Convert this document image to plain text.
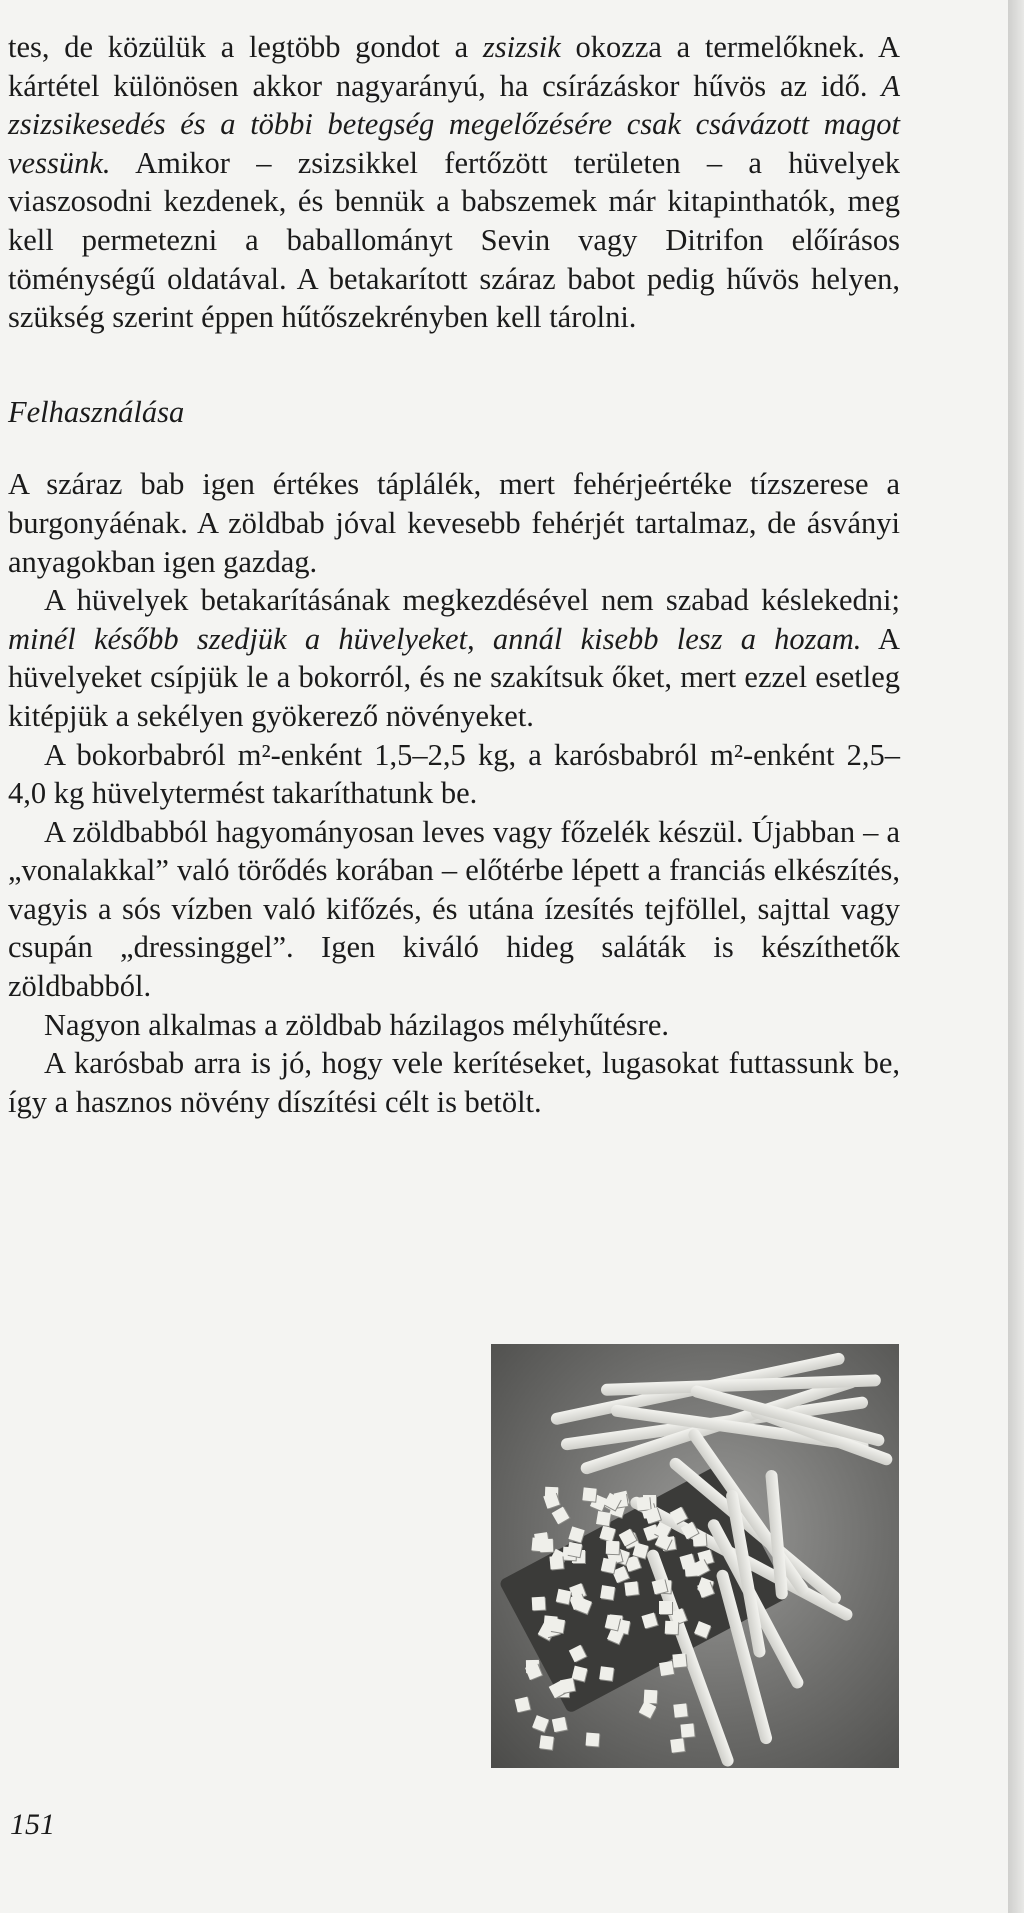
tes, de közülük a legtöbb gondot a zsizsik okozza a termelőknek. A kártétel különösen akkor nagyarányú, ha csírázáskor hűvös az idő. A zsizsikesedés és a többi betegség megelőzésére csak csávázott magot vessünk. Amikor – zsizsikkel fertőzött területen – a hüvelyek viaszosodni kezdenek, és bennük a babszemek már kitapinthatók, meg kell permetezni a baballományt Sevin vagy Ditrifon előírásos töménységű oldatával. A betakarított száraz babot pedig hűvös helyen, szükség szerint éppen hűtőszekrényben kell tárolni.

Felhasználása

A száraz bab igen értékes táplálék, mert fehérjeértéke tízszerese a burgonyáénak. A zöldbab jóval kevesebb fehérjét tartalmaz, de ásványi anyagokban igen gazdag.

A hüvelyek betakarításának megkezdésével nem szabad késlekedni; minél később szedjük a hüvelyeket, annál kisebb lesz a hozam. A hüvelyeket csípjük le a bokorról, és ne szakítsuk őket, mert ezzel esetleg kitépjük a sekélyen gyökerező növényeket.

A bokorbabról m²-enként 1,5–2,5 kg, a karósbabról m²-enként 2,5–4,0 kg hüvelytermést takaríthatunk be.

A zöldbabból hagyományosan leves vagy főzelék készül. Újabban – a „vonalakkal” való törődés korában – előtérbe lépett a franciás elkészítés, vagyis a sós vízben való kifőzés, és utána ízesítés tejföllel, sajttal vagy csupán „dressinggel”. Igen kiváló hideg saláták is készíthetők zöldbabból.

Nagyon alkalmas a zöldbab házilagos mélyhűtésre.

A karósbab arra is jó, hogy vele kerítéseket, lugasokat futtassunk be, így a hasznos növény díszítési célt is betölt.

151
